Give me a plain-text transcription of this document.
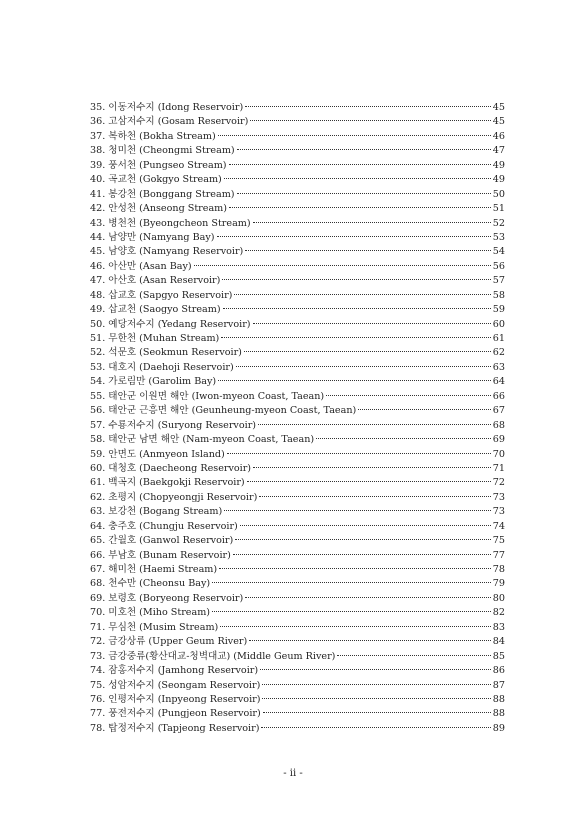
35. 이동저수지 (Idong Reservoir)	45
36. 고삼저수지 (Gosam Reservoir)	45
37. 복하천 (Bokha Stream)	46
38. 청미천 (Cheongmi Stream)	47
39. 풍서천 (Pungseo Stream)	49
40. 곡교천 (Gokgyo Stream)	49
41. 봉강천 (Bonggang Stream)	50
42. 안성천 (Anseong Stream)	51
43. 병천천 (Byeongcheon Stream)	52
44. 남양만 (Namyang Bay)	53
45. 남양호 (Namyang Reservoir)	54
46. 아산만 (Asan Bay)	56
47. 아산호 (Asan Reservoir)	57
48. 삽교호 (Sapgyo Reservoir)	58
49. 삽교천 (Saogyo Stream)	59
50. 예당저수지 (Yedang Reservoir)	60
51. 무한천 (Muhan Stream)	61
52. 석문호 (Seokmun Reservoir)	62
53. 대호지 (Daehoji Reservoir)	63
54. 가로림만 (Garolim Bay)	64
55. 태안군 이원면 해안 (Iwon-myeon Coast, Taean)	66
56. 태안군 근흥면 해안 (Geunheung-myeon Coast, Taean)	67
57. 수룡저수지 (Suryong Reservoir)	68
58. 태안군 남면 해안 (Nam-myeon Coast, Taean)	69
59. 안면도 (Anmyeon Island)	70
60. 대청호 (Daecheong Reservoir)	71
61. 백곡지 (Baekgokji Reservoir)	72
62. 초평지 (Chopyeongji Reservoir)	73
63. 보강천 (Bogang Stream)	73
64. 충주호 (Chungju Reservoir)	74
65. 간월호 (Ganwol Reservoir)	75
66. 부남호 (Bunam Reservoir)	77
67. 해미천 (Haemi Stream)	78
68. 천수만 (Cheonsu Bay)	79
69. 보령호 (Boryeong Reservoir)	80
70. 미호천 (Miho Stream)	82
71. 무심천 (Musim Stream)	83
72. 금강상류 (Upper Geum River)	84
73. 금강중류(황산대교-청벽대교) (Middle Geum River)	85
74. 잠홍저수지 (Jamhong Reservoir)	86
75. 성암저수지 (Seongam Reservoir)	87
76. 인평저수지 (Inpyeong Reservoir)	88
77. 풍전저수지 (Pungjeon Reservoir)	88
78. 탑정저수지 (Tapjeong Reservoir)	89
- ii -
